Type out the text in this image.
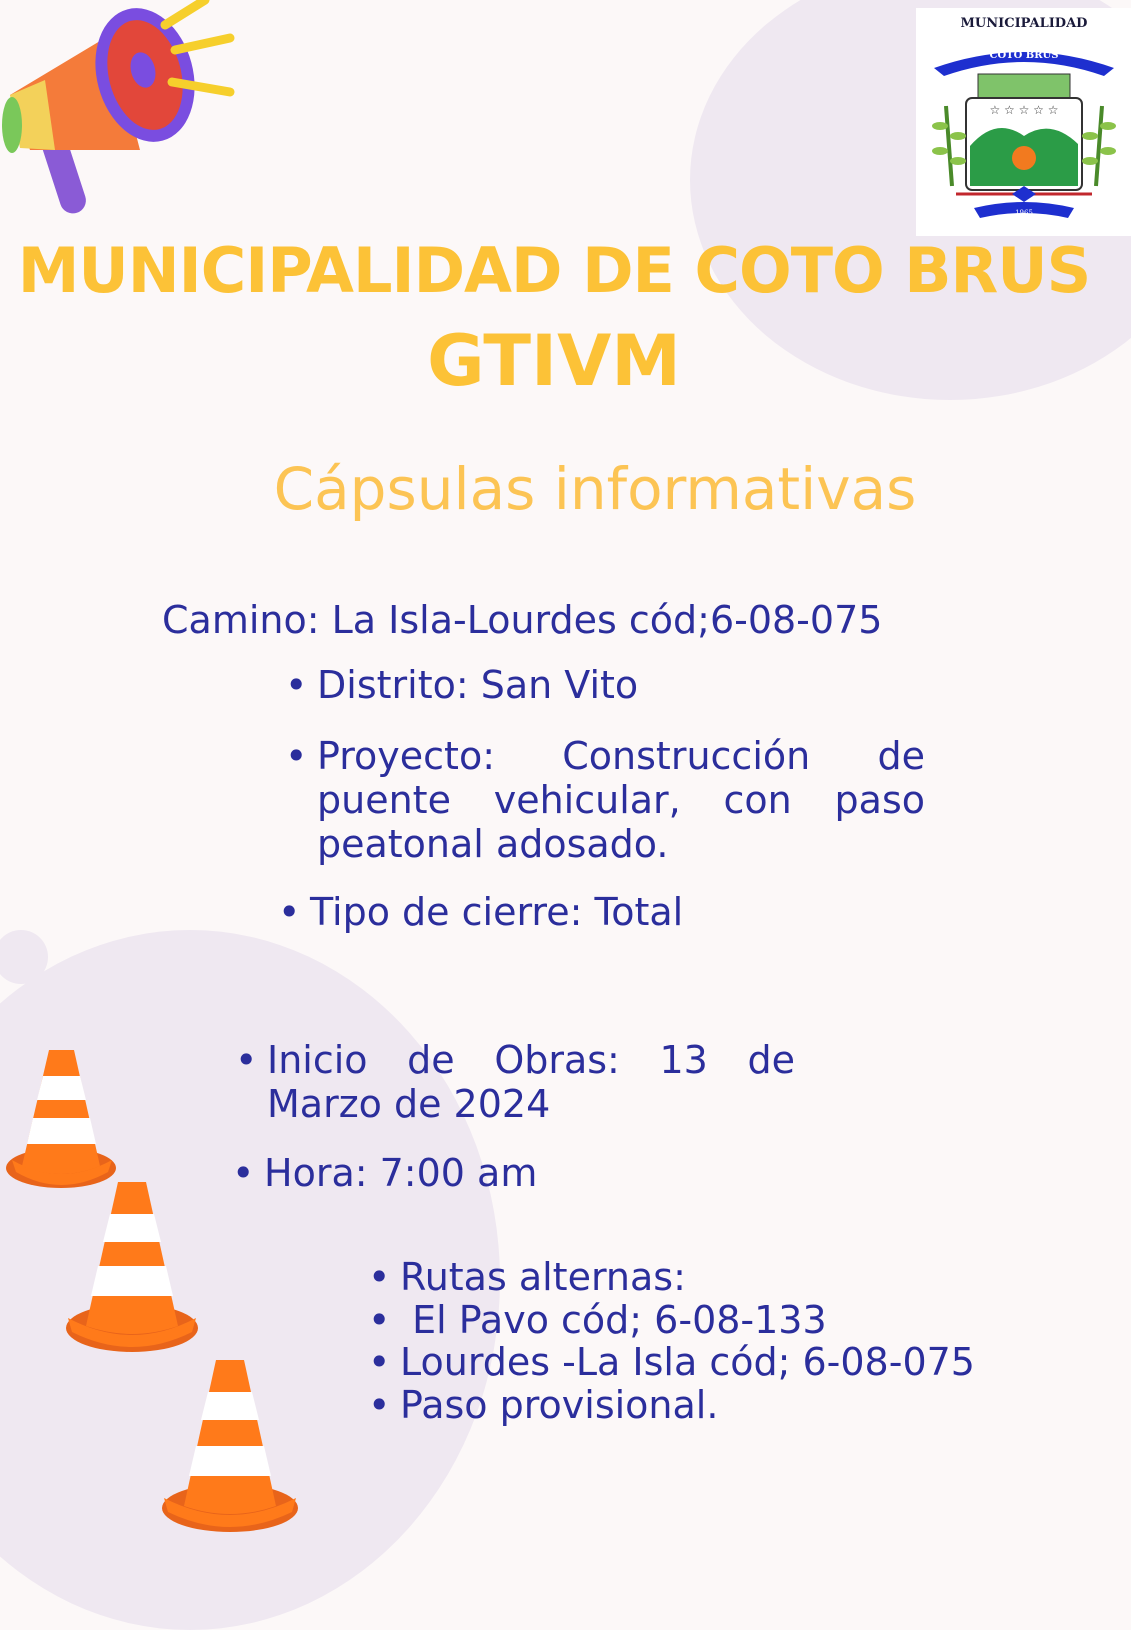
MUNICIPALIDAD
COTO BRUS
☆ ☆ ☆ ☆ ☆
1965
MUNICIPALIDAD DE COTO BRUS
GTIVM
Cápsulas informativas
Camino: La Isla-Lourdes cód;6-08-075
• Distrito: San Vito
• Proyecto: Construcción de puente vehicular, con paso peatonal adosado.
• Tipo de cierre: Total
• Inicio de Obras: 13 de Marzo de 2024
• Hora: 7:00 am
• Rutas alternas:
• El Pavo cód; 6-08-133
• Lourdes -La Isla cód; 6-08-075
• Paso provisional.
